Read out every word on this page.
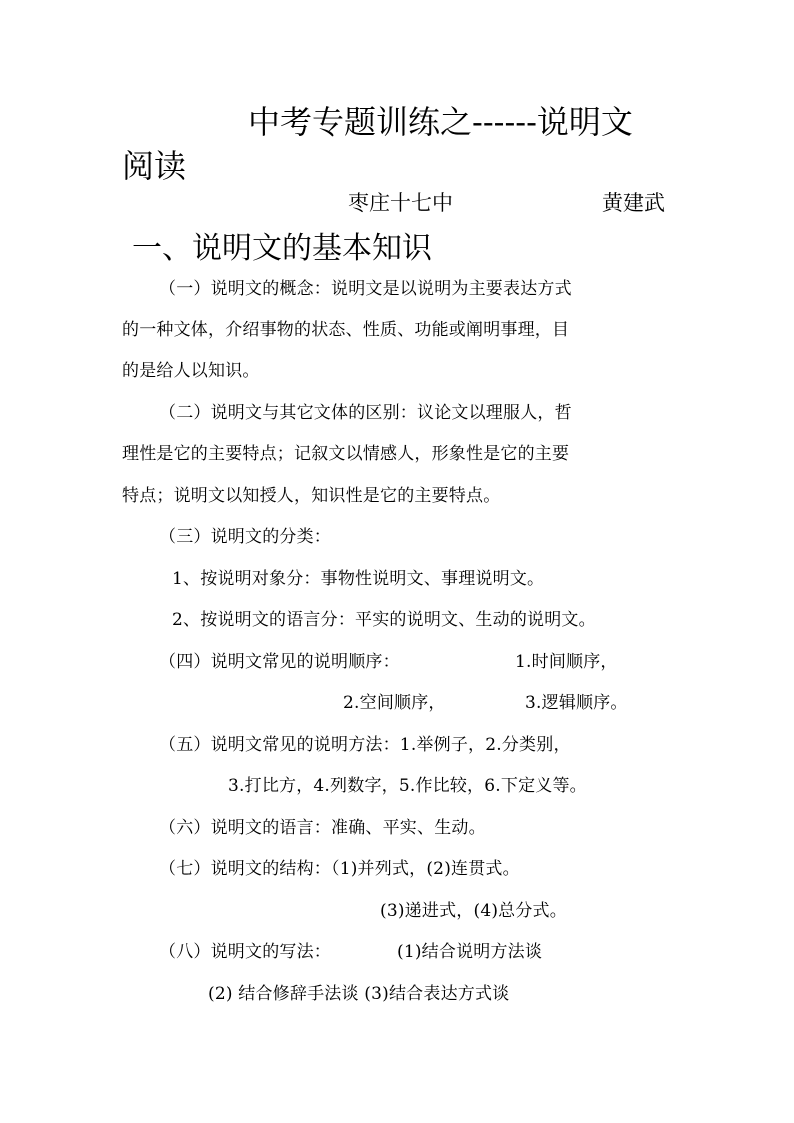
中考专题训练之------说明文
阅读
枣庄十七中	黄建武
一、说明文的基本知识
（一）说明文的概念：说明文是以说明为主要表达方式
的一种文体，介绍事物的状态、性质、功能或阐明事理，目
的是给人以知识。
（二）说明文与其它文体的区别：议论文以理服人，哲
理性是它的主要特点；记叙文以情感人，形象性是它的主要
特点；说明文以知授人，知识性是它的主要特点。
（三）说明文的分类：
1、按说明对象分：事物性说明文、事理说明文。
2、按说明文的语言分：平实的说明文、生动的说明文。
（四）说明文常见的说明顺序：	1.时间顺序，
2.空间顺序，	3.逻辑顺序。
（五）说明文常见的说明方法：1.举例子，2.分类别，
3.打比方，4.列数字，5.作比较，6.下定义等。
（六）说明文的语言：准确、平实、生动。
（七）说明文的结构：（1)并列式，(2)连贯式。
(3)递进式，(4)总分式。
（八）说明文的写法：	(1)结合说明方法谈
(2) 结合修辞手法谈 (3)结合表达方式谈
